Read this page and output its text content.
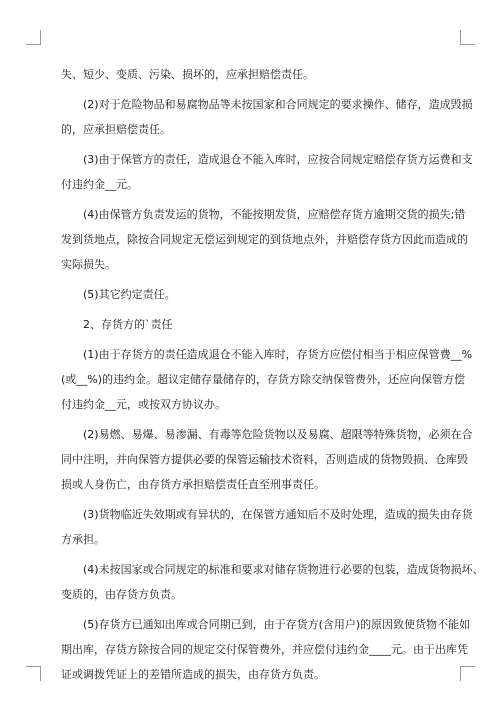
失、短少、变质、污染、损坏的，应承担赔偿责任。
(2)对于危险物品和易腐物品等未按国家和合同规定的要求操作、储存，造成毁损
的，应承担赔偿责任。
(3)由于保管方的责任，造成退仓不能入库时，应按合同规定赔偿存货方运费和支
付违约金__元。
(4)由保管方负责发运的货物，不能按期发货，应赔偿存货方逾期交货的损失;错
发到货地点，除按合同规定无偿运到规定的到货地点外，并赔偿存货方因此而造成的
实际损失。
(5)其它约定责任。
2、存货方的`责任
(1)由于存货方的责任造成退仓不能入库时，存货方应偿付相当于相应保管费__%
(或__%)的违约金。超议定储存量储存的，存货方除交纳保管费外，还应向保管方偿
付违约金__元，或按双方协议办。
(2)易燃、易爆、易渗漏、有毒等危险货物以及易腐、超限等特殊货物，必须在合
同中注明，并向保管方提供必要的保管运输技术资料，否则造成的货物毁损、仓库毁
损或人身伤亡，由存货方承担赔偿责任直至刑事责任。
(3)货物临近失效期或有异状的，在保管方通知后不及时处理，造成的损失由存货
方承担。
(4)未按国家或合同规定的标准和要求对储存货物进行必要的包装，造成货物损坏、
变质的，由存货方负责。
(5)存货方已通知出库或合同期已到，由于存货方(含用户)的原因致使货物不能如
期出库，存货方除按合同的规定交付保管费外，并应偿付违约金____元。由于出库凭
证或调拨凭证上的差错所造成的损失，由存货方负责。
